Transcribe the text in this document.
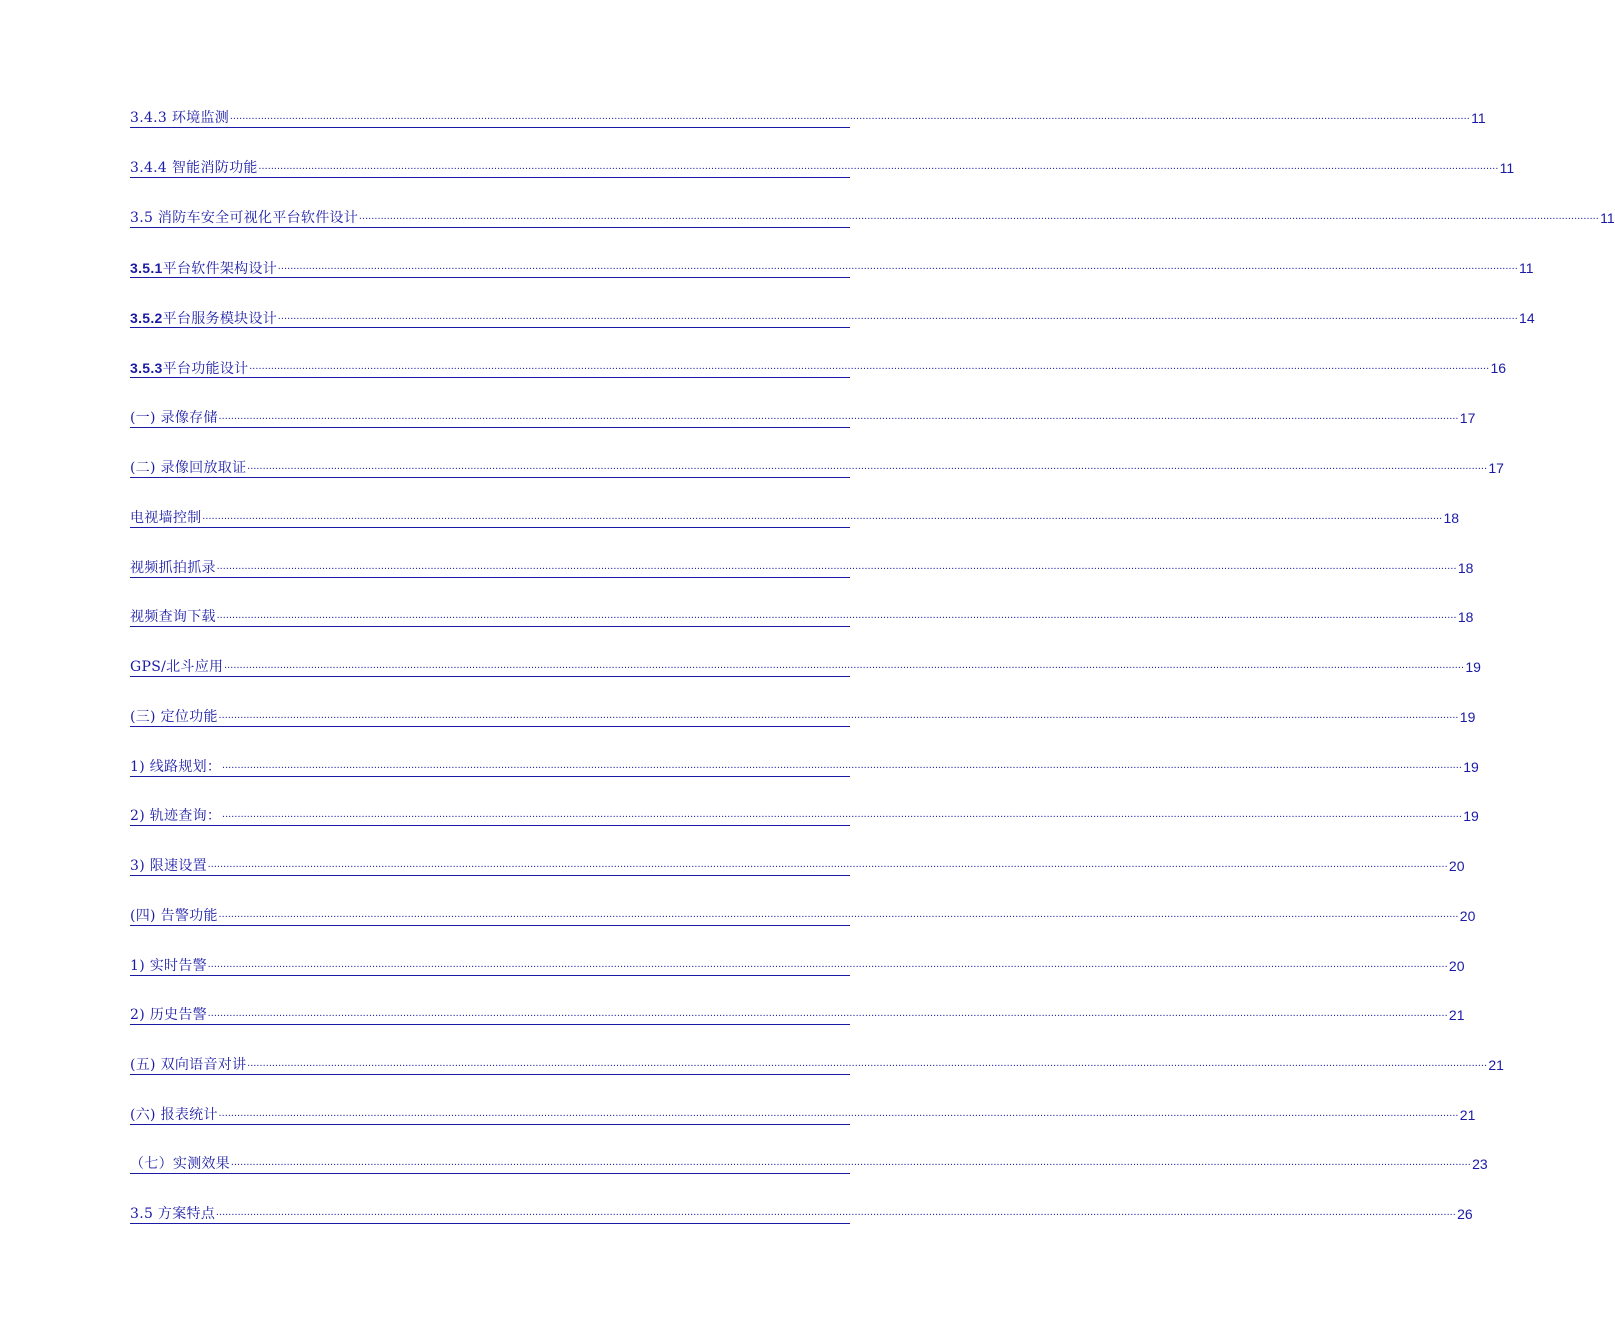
3.4.3 环境监测 ................................................................................................................................................................................................................................................................................................................................................................................................................ 11
3.4.4 智能消防功能 ................................................................................................................................................................................................................................................................................................................................................................................................................ 11
3.5 消防车安全可视化平台软件设计 ................................................................................................................................................................................................................................................................................................................................................................................................................ 11
3.5.1平台软件架构设计 ................................................................................................................................................................................................................................................................................................................................................................................................................ 11
3.5.2平台服务模块设计 ................................................................................................................................................................................................................................................................................................................................................................................................................ 14
3.5.3平台功能设计 ................................................................................................................................................................................................................................................................................................................................................................................................................ 16
(一) 录像存储 ................................................................................................................................................................................................................................................................................................................................................................................................................ 17
(二) 录像回放取证 ................................................................................................................................................................................................................................................................................................................................................................................................................ 17
电视墙控制 ................................................................................................................................................................................................................................................................................................................................................................................................................ 18
视频抓拍抓录 ................................................................................................................................................................................................................................................................................................................................................................................................................ 18
视频查询下载 ................................................................................................................................................................................................................................................................................................................................................................................................................ 18
GPS/北斗应用 ................................................................................................................................................................................................................................................................................................................................................................................................................ 19
(三) 定位功能 ................................................................................................................................................................................................................................................................................................................................................................................................................ 19
1) 线路规划： ................................................................................................................................................................................................................................................................................................................................................................................................................ 19
2) 轨迹查询： ................................................................................................................................................................................................................................................................................................................................................................................................................ 19
3) 限速设置 ................................................................................................................................................................................................................................................................................................................................................................................................................ 20
(四) 告警功能 ................................................................................................................................................................................................................................................................................................................................................................................................................ 20
1) 实时告警 ................................................................................................................................................................................................................................................................................................................................................................................................................ 20
2) 历史告警 ................................................................................................................................................................................................................................................................................................................................................................................................................ 21
(五) 双向语音对讲 ................................................................................................................................................................................................................................................................................................................................................................................................................ 21
(六) 报表统计 ................................................................................................................................................................................................................................................................................................................................................................................................................ 21
（七）实测效果 ................................................................................................................................................................................................................................................................................................................................................................................................................ 23
3.5 方案特点 ................................................................................................................................................................................................................................................................................................................................................................................................................ 26
